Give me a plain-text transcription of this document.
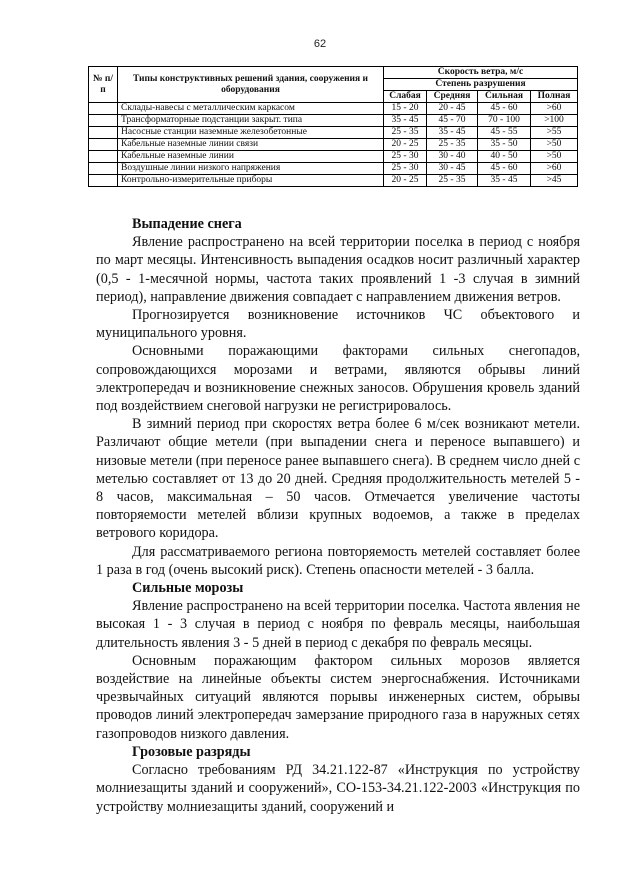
62
№ п/п	Типы конструктивных решений здания, сооружения и оборудования	Скорость ветра, м/с			
		Степень разрушения			
		Слабая	Средняя	Сильная	Полная
	Склады-навесы с металлическим каркасом	15 - 20	20 - 45	45 - 60	>60
	Трансформаторные подстанции закрыт. типа	35 - 45	45 - 70	70 - 100	>100
	Насосные станции наземные железобетонные	25 - 35	35 - 45	45 - 55	>55
	Кабельные наземные линии связи	20 - 25	25 - 35	35 - 50	>50
	Кабельные наземные линии	25 - 30	30 - 40	40 - 50	>50
	Воздушные линии низкого напряжения	25 - 30	30 - 45	45 - 60	>60
	Контрольно-измерительные приборы	20 - 25	25 - 35	35 - 45	>45
Выпадение снега

Явление распространено на всей территории поселка в период с ноября по март месяцы. Интенсивность выпадения осадков носит различный характер (0,5 - 1-месячной нормы, частота таких проявлений 1 -3 случая в зимний период), направление движения совпадает с направлением движения ветров.

Прогнозируется возникновение источников ЧС объектового и муниципального уровня.

Основными поражающими факторами сильных снегопадов, сопровождающихся морозами и ветрами, являются обрывы линий электропередач и возникновение снежных заносов. Обрушения кровель зданий под воздействием снеговой нагрузки не регистрировалось.

В зимний период при скоростях ветра более 6 м/сек возникают метели. Различают общие метели (при выпадении снега и переносе выпавшего) и низовые метели (при переносе ранее выпавшего снега). В среднем число дней с метелью составляет от 13 до 20 дней. Средняя продолжительность метелей 5 - 8 часов, максимальная – 50 часов. Отмечается увеличение частоты повторяемости метелей вблизи крупных водоемов, а также в пределах ветрового коридора.

Для рассматриваемого региона повторяемость метелей составляет более 1 раза в год (очень высокий риск). Степень опасности метелей - 3 балла.

Сильные морозы

Явление распространено на всей территории поселка. Частота явления не высокая 1 - 3 случая в период с ноября по февраль месяцы, наибольшая длительность явления 3 - 5 дней в период с декабря по февраль месяцы.

Основным поражающим фактором сильных морозов является воздействие на линейные объекты систем энергоснабжения. Источниками чрезвычайных ситуаций являются порывы инженерных систем, обрывы проводов линий электропередач замерзание природного газа в наружных сетях газопроводов низкого давления.

Грозовые разряды

Согласно требованиям РД 34.21.122-87 «Инструкция по устройству молниезащиты зданий и сооружений», СО-153-34.21.122-2003 «Инструкция по устройству молниезащиты зданий, сооружений и
